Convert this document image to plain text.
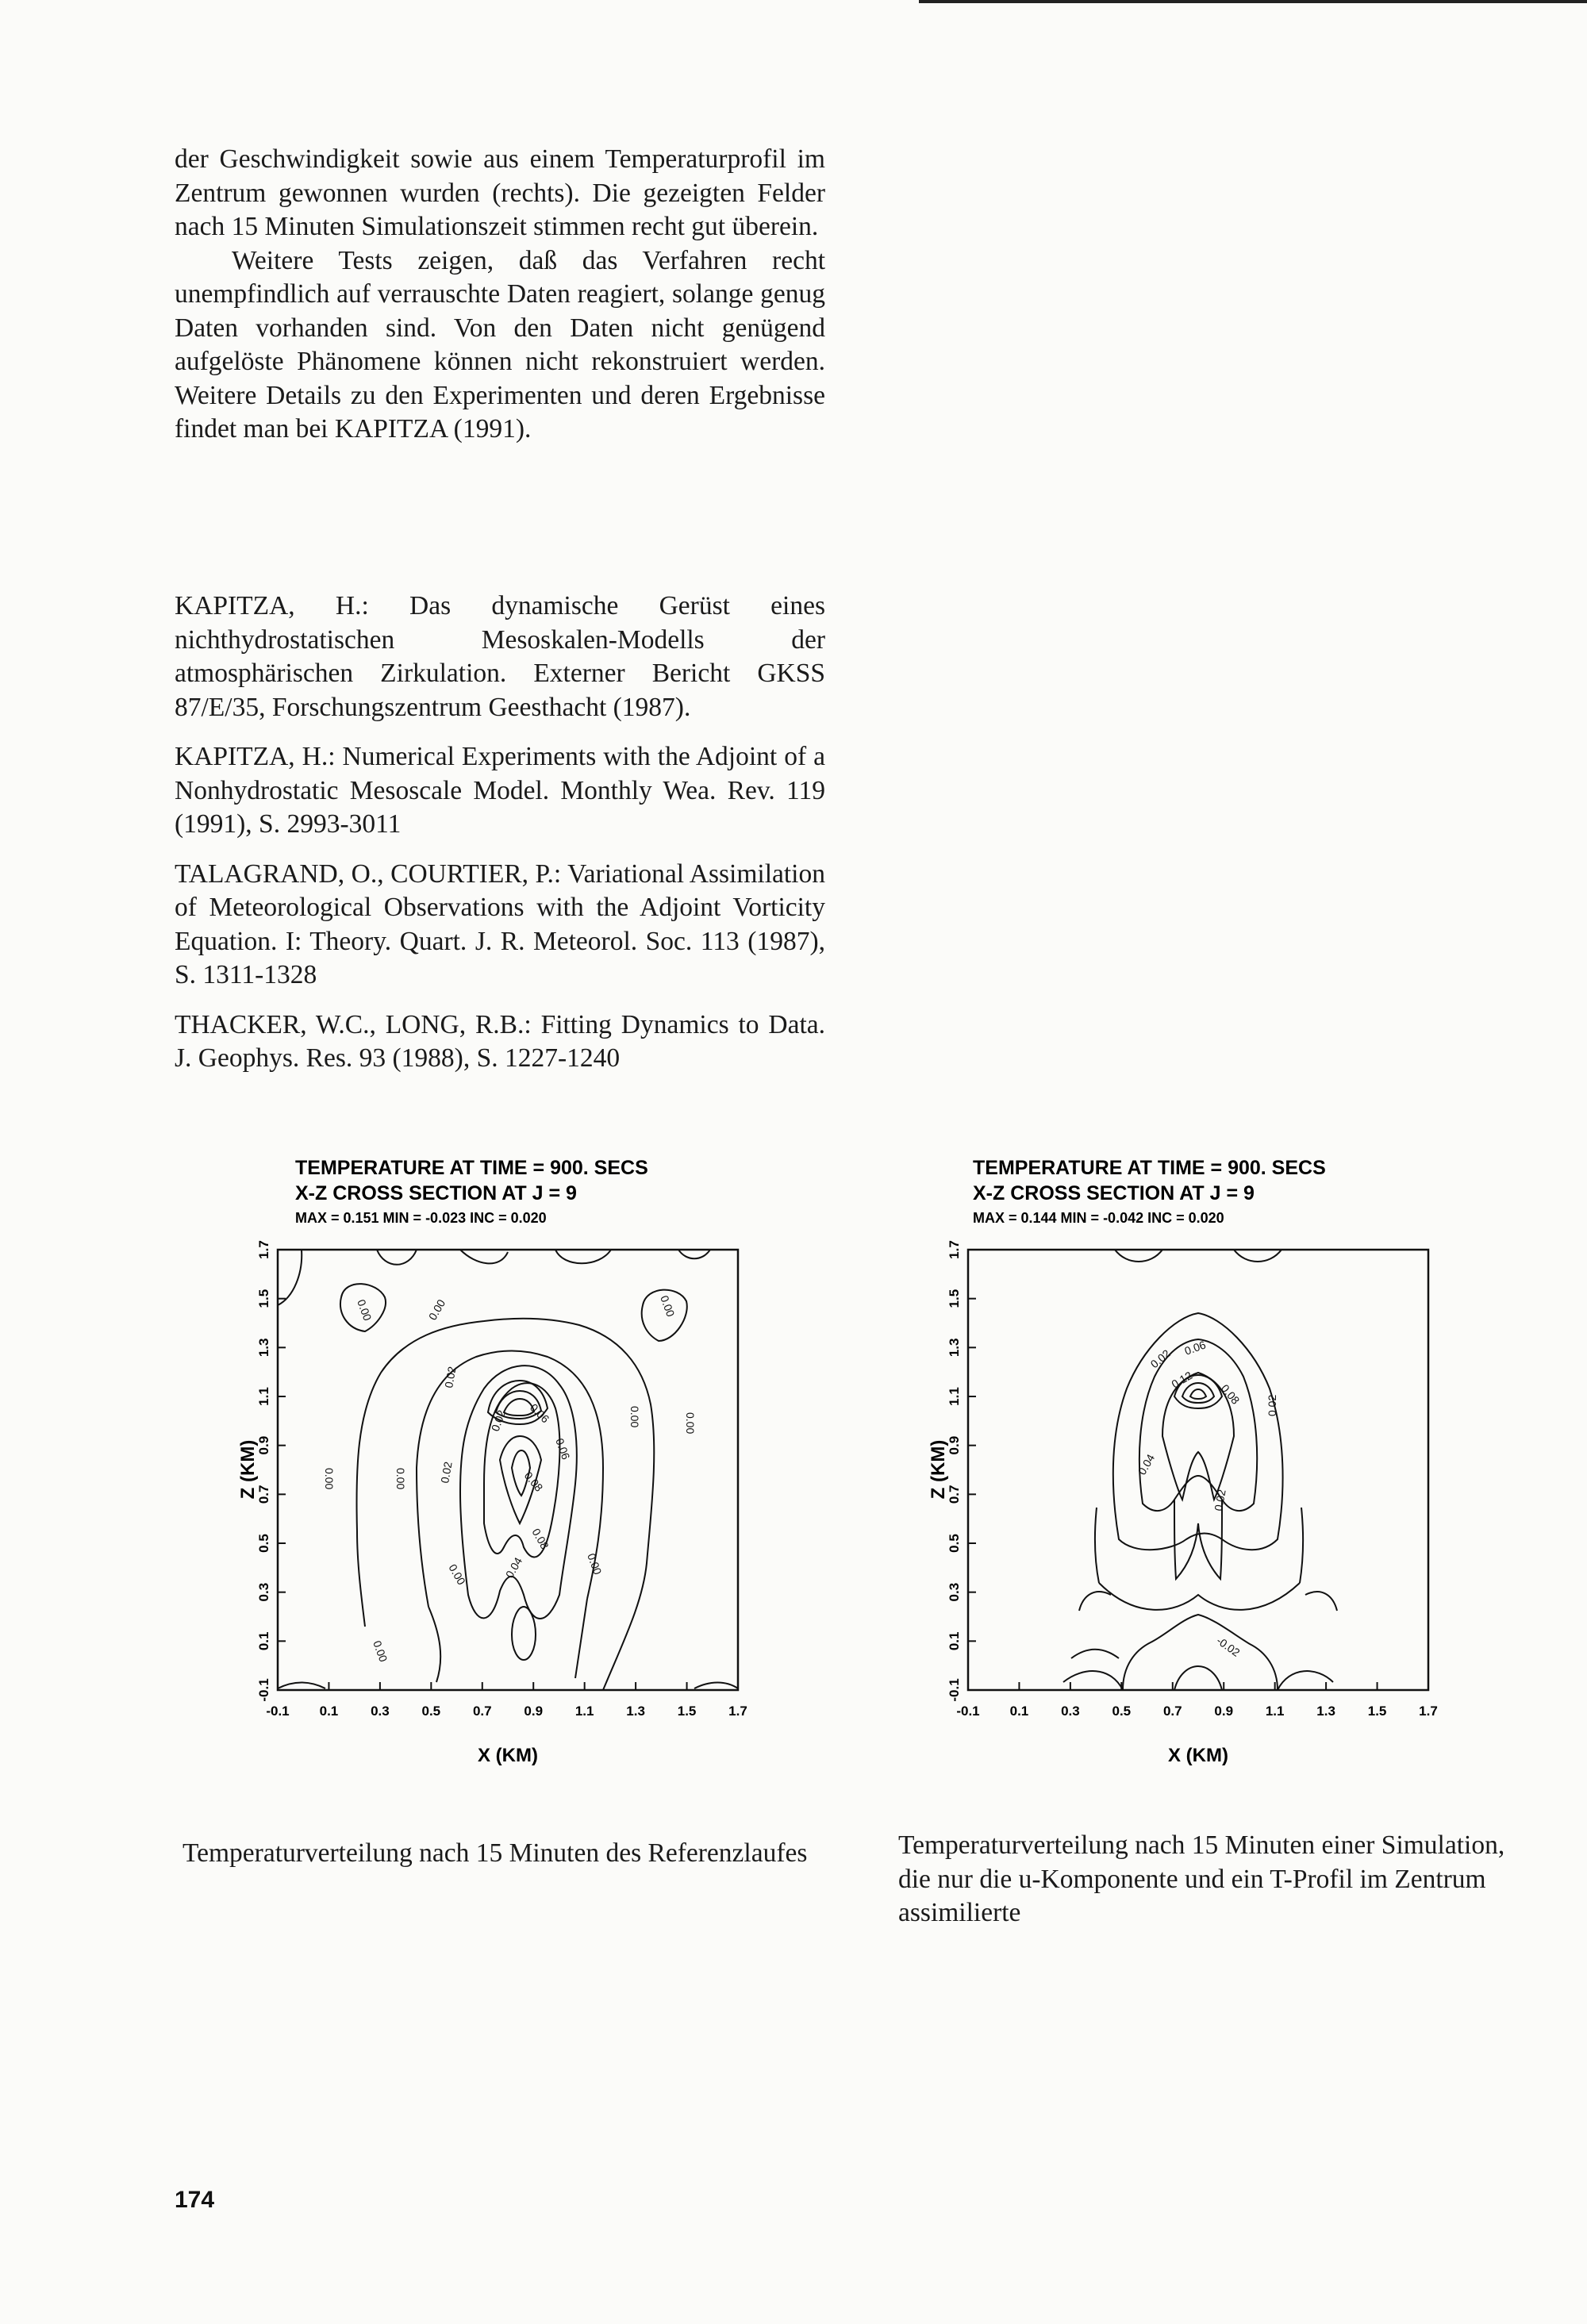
der Geschwindigkeit sowie aus einem Temperaturprofil im Zentrum gewonnen wurden (rechts). Die gezeigten Felder nach 15 Minuten Simulationszeit stimmen recht gut überein.

Weitere Tests zeigen, daß das Verfahren recht unempfindlich auf verrauschte Daten reagiert, solange genug Daten vorhanden sind. Von den Daten nicht genügend aufgelöste Phänomene können nicht rekonstruiert werden. Weitere Details zu den Experimenten und deren Ergebnisse findet man bei KAPITZA (1991).

KAPITZA, H.: Das dynamische Gerüst eines nichthydrostatischen Mesoskalen-Modells der atmosphärischen Zirkulation. Externer Bericht GKSS 87/E/35, Forschungszentrum Geesthacht (1987).

KAPITZA, H.: Numerical Experiments with the Adjoint of a Nonhydrostatic Mesoscale Model. Monthly Wea. Rev. 119 (1991), S. 2993-3011

TALAGRAND, O., COURTIER, P.: Variational Assimilation of Meteorological Observations with the Adjoint Vorticity Equation. I: Theory. Quart. J. R. Meteorol. Soc. 113 (1987), S. 1311-1328

THACKER, W.C., LONG, R.B.: Fitting Dynamics to Data. J. Geophys. Res. 93 (1988), S. 1227-1240

TEMPERATURE AT TIME = 900. SECS
X-Z CROSS SECTION AT J = 9
MAX = 0.151 MIN = -0.023 INC = 0.020
0.00	0.00	0.00
0.00	0.00
0.00	0.00
0.00	0.00
0.00
0.02
0.02
0.02
0.04
0.06
0.06
0.08
0.08
-0.1 0.1 0.3 0.5 0.7 0.9 1.1 1.3 1.5 1.7
-0.1
0.1
0.3
0.5
0.7
0.9
1.1
1.3
1.5
1.7
X (KM)
Z (KM)
TEMPERATURE AT TIME = 900. SECS
X-Z CROSS SECTION AT J = 9
MAX = 0.144 MIN = -0.042 INC = 0.020
0.02 0.06
0.12
0.08 0.02
0.04
0.02
-0.02
-0.1 0.1 0.3 0.5 0.7 0.9 1.1 1.3 1.5 1.7
-0.1
0.1
0.3
0.5
0.7
0.9
1.1
1.3
1.5
1.7
X (KM)
Z (KM)

Temperaturverteilung nach 15 Minuten des Referenzlaufes	Temperaturverteilung nach 15 Minuten einer Simulation, die nur die u-Komponente und ein T-Profil im Zentrum assimilierte

174
